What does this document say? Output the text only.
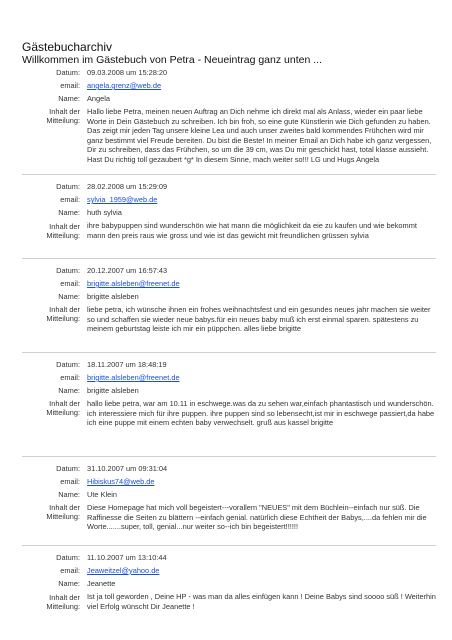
Gästebucharchiv
Willkommen im Gästebuch von Petra - Neueintrag ganz unten ...
Datum: 09.03.2008 um 15:28:20
email: angela.grenz@web.de
Name: Angela
Inhalt der
Mitteilung:
Hallo liebe Petra, meinen neuen Auftrag an Dich nehme ich direkt mal als Anlass, wieder ein paar liebe Worte in Dein Gästebuch zu schreiben. Ich bin froh, so eine gute Künstlerin wie Dich gefunden zu haben. Das zeigt mir jeden Tag unsere kleine Lea und auch unser zweites bald kommendes Frühchen wird mir ganz bestimmt viel Freude bereiten. Du bist die Beste! In meiner Email an Dich habe ich ganz vergessen, Dir zu schreiben, dass das Frühchen, so um die 39 cm, was Du mir geschickt hast, total klasse aussieht. Hast Du richtig toll gezaubert *g* In diesem Sinne, mach weiter so!!! LG und Hugs Angela
Datum: 28.02.2008 um 15:29:09
email: sylvia_1959@web.de
Name: huth sylvia
Inhalt der
Mitteilung:
ihre babypuppen sind wunderschön wie hat mann die möglichkeit da eie zu kaufen und wie bekommt mann den preis raus wie gross und wie ist das gewicht mit freundlichen grüssen sylvia
Datum: 20.12.2007 um 16:57:43
email: brigitte.alsleben@freenet.de
Name: brigitte alsleben
Inhalt der
Mitteilung:
liebe petra, ich wünsche ihnen ein frohes weihnachtsfest und ein gesundes neues jahr machen sie weiter so und schaffen sie wieder neue babys.für ein neues baby muß ich erst einmal sparen. spätestens zu meinem geburtstag leiste ich mir ein püppchen. alles liebe brigitte
Datum: 18.11.2007 um 18:48:19
email: brigitte.alsleben@freenet.de
Name: brigitte alsleben
Inhalt der
Mitteilung:
hallo liebe petra, war am 10.11 in eschwege.was da zu sehen war,einfach phantastisch und wunderschön. ich interessiere mich für ihre puppen. ihre puppen sind so lebensecht,ist mir in eschwege passiert,da habe ich eine puppe mit einem echten baby verwechselt. gruß aus kassel brigitte
Datum: 31.10.2007 um 09:31:04
email: Hibiskus74@web.de
Name: Ute Klein
Inhalt der
Mitteilung:
Diese Homepage hat mich voll begeistert---vorallem "NEUES" mit dem Büchlein--einfach nur süß. Die Raffinesse die Seiten zu blättern --einfach genial. natürlich diese Echtheit der Babys,....da fehlen mir die Worte.......super, toll, genial...nur weiter so--ich bin begeistert!!!!!!
Datum: 11.10.2007 um 13:10:44
email: Jeaweitzel@yahoo.de
Name: Jeanette
Inhalt der
Mitteilung:
Ist ja toll geworden , Deine HP - was man da alles einfügen kann ! Deine Babys sind soooo süß ! Weiterhin viel Erfolg wünscht Dir Jeanette !
